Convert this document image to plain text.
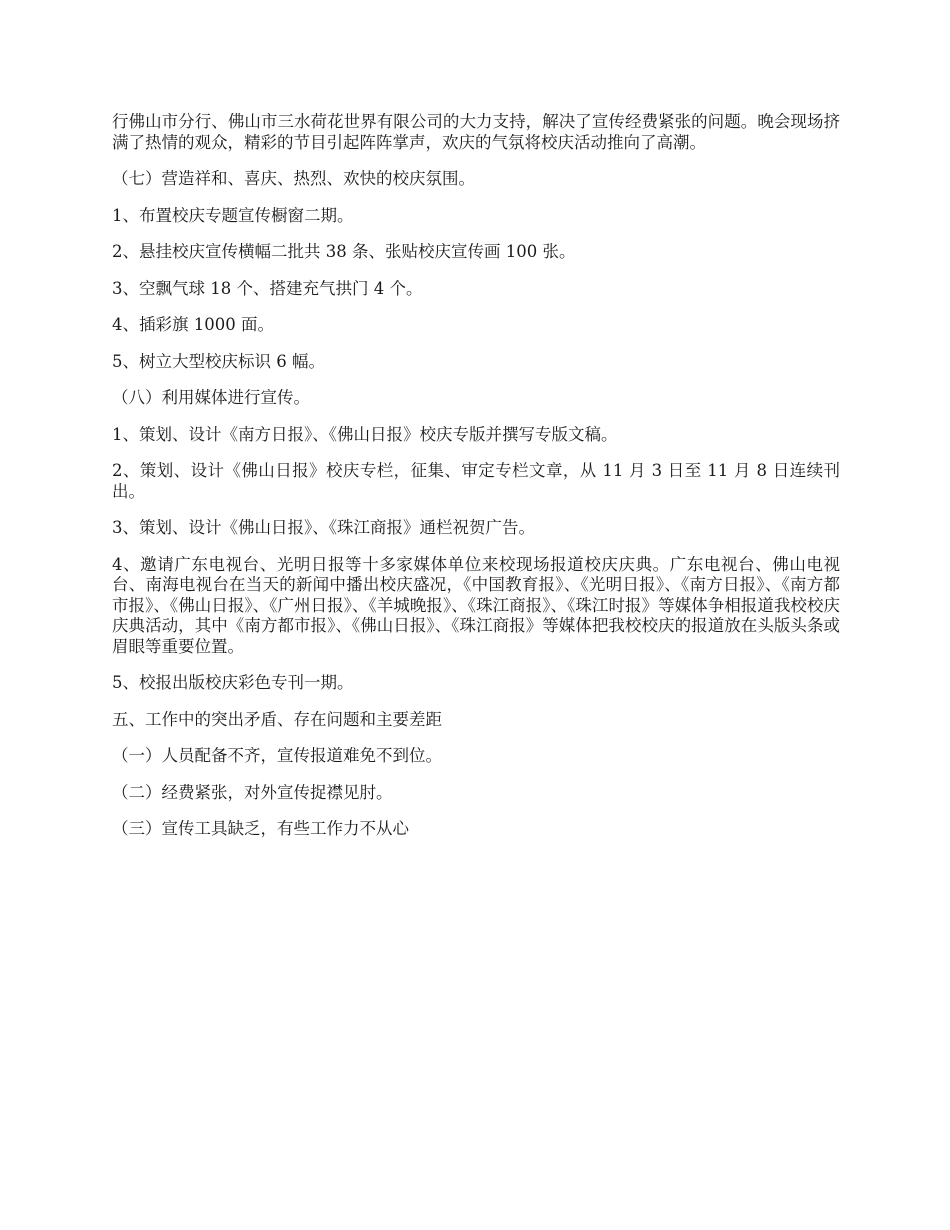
行佛山市分行、佛山市三水荷花世界有限公司的大力支持，解决了宣传经费紧张的问题。晚会现场挤满了热情的观众，精彩的节目引起阵阵掌声，欢庆的气氛将校庆活动推向了高潮。

（七）营造祥和、喜庆、热烈、欢快的校庆氛围。

1、布置校庆专题宣传橱窗二期。

2、悬挂校庆宣传横幅二批共 38 条、张贴校庆宣传画 100 张。

3、空飘气球 18 个、搭建充气拱门 4 个。

4、插彩旗 1000 面。

5、树立大型校庆标识 6 幅。

（八）利用媒体进行宣传。

1、策划、设计《南方日报》、《佛山日报》校庆专版并撰写专版文稿。

2、策划、设计《佛山日报》校庆专栏，征集、审定专栏文章，从 11 月 3 日至 11 月 8 日连续刊出。

3、策划、设计《佛山日报》、《珠江商报》通栏祝贺广告。

4、邀请广东电视台、光明日报等十多家媒体单位来校现场报道校庆庆典。广东电视台、佛山电视台、南海电视台在当天的新闻中播出校庆盛况，《中国教育报》、《光明日报》、《南方日报》、《南方都市报》、《佛山日报》、《广州日报》、《羊城晚报》、《珠江商报》、《珠江时报》等媒体争相报道我校校庆庆典活动，其中《南方都市报》、《佛山日报》、《珠江商报》等媒体把我校校庆的报道放在头版头条或眉眼等重要位置。

5、校报出版校庆彩色专刊一期。

五、工作中的突出矛盾、存在问题和主要差距

（一）人员配备不齐，宣传报道难免不到位。

（二）经费紧张，对外宣传捉襟见肘。

（三）宣传工具缺乏，有些工作力不从心
